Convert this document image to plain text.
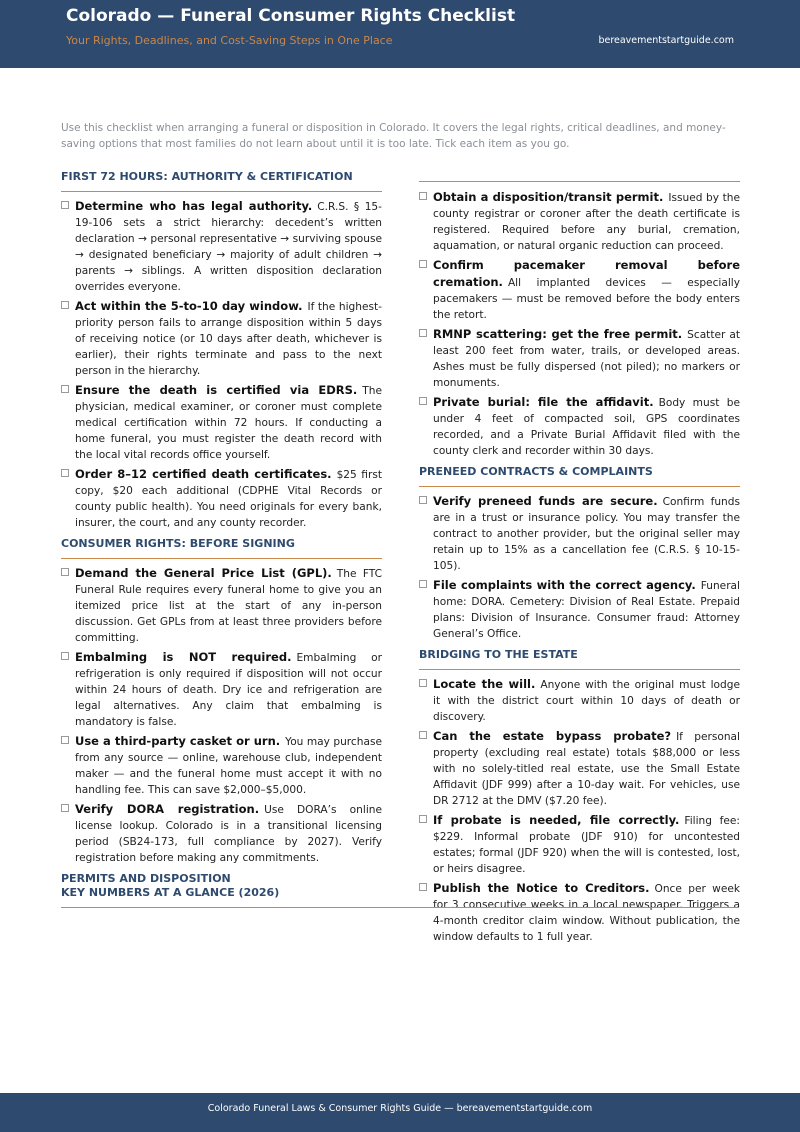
Colorado — Funeral Consumer Rights Checklist
Your Rights, Deadlines, and Cost-Saving Steps in One Place	bereavementstartguide.com
Use this checklist when arranging a funeral or disposition in Colorado. It covers the legal rights, critical deadlines, and money-saving options that most families do not learn about until it is too late. Tick each item as you go.
FIRST 72 HOURS: AUTHORITY & CERTIFICATION
Determine who has legal authority. C.R.S. § 15-19-106 sets a strict hierarchy: decedent’s written declaration → personal representative → surviving spouse → designated beneficiary → majority of adult children → parents → siblings. A written disposition declaration overrides everyone.
Act within the 5-to-10 day window. If the highest-priority person fails to arrange disposition within 5 days of receiving notice (or 10 days after death, whichever is earlier), their rights terminate and pass to the next person in the hierarchy.
Ensure the death is certified via EDRS. The physician, medical examiner, or coroner must complete medical certification within 72 hours. If conducting a home funeral, you must register the death record with the local vital records office yourself.
Order 8–12 certified death certificates. $25 first copy, $20 each additional (CDPHE Vital Records or county public health). You need originals for every bank, insurer, the court, and any county recorder.
CONSUMER RIGHTS: BEFORE SIGNING
Demand the General Price List (GPL). The FTC Funeral Rule requires every funeral home to give you an itemized price list at the start of any in-person discussion. Get GPLs from at least three providers before committing.
Embalming is NOT required. Embalming or refrigeration is only required if disposition will not occur within 24 hours of death. Dry ice and refrigeration are legal alternatives. Any claim that embalming is mandatory is false.
Use a third-party casket or urn. You may purchase from any source — online, warehouse club, independent maker — and the funeral home must accept it with no handling fee. This can save $2,000–$5,000.
Verify DORA registration. Use DORA’s online license lookup. Colorado is in a transitional licensing period (SB24-173, full compliance by 2027). Verify registration before making any commitments.
PERMITS AND DISPOSITION
Obtain a disposition/transit permit. Issued by the county registrar or coroner after the death certificate is registered. Required before any burial, cremation, aquamation, or natural organic reduction can proceed.
Confirm pacemaker removal before cremation. All implanted devices — especially pacemakers — must be removed before the body enters the retort.
RMNP scattering: get the free permit. Scatter at least 200 feet from water, trails, or developed areas. Ashes must be fully dispersed (not piled); no markers or monuments.
Private burial: file the affidavit. Body must be under 4 feet of compacted soil, GPS coordinates recorded, and a Private Burial Affidavit filed with the county clerk and recorder within 30 days.
PRENEED CONTRACTS & COMPLAINTS
Verify preneed funds are secure. Confirm funds are in a trust or insurance policy. You may transfer the contract to another provider, but the original seller may retain up to 15% as a cancellation fee (C.R.S. § 10-15-105).
File complaints with the correct agency. Funeral home: DORA. Cemetery: Division of Real Estate. Prepaid plans: Division of Insurance. Consumer fraud: Attorney General’s Office.
BRIDGING TO THE ESTATE
Locate the will. Anyone with the original must lodge it with the district court within 10 days of death or discovery.
Can the estate bypass probate? If personal property (excluding real estate) totals $88,000 or less with no solely-titled real estate, use the Small Estate Affidavit (JDF 999) after a 10-day wait. For vehicles, use DR 2712 at the DMV ($7.20 fee).
If probate is needed, file correctly. Filing fee: $229. Informal probate (JDF 910) for uncontested estates; formal (JDF 920) when the will is contested, lost, or heirs disagree.
Publish the Notice to Creditors. Once per week for 3 consecutive weeks in a local newspaper. Triggers a 4-month creditor claim window. Without publication, the window defaults to 1 full year.
KEY NUMBERS AT A GLANCE (2026)
Colorado Funeral Laws & Consumer Rights Guide — bereavementstartguide.com
